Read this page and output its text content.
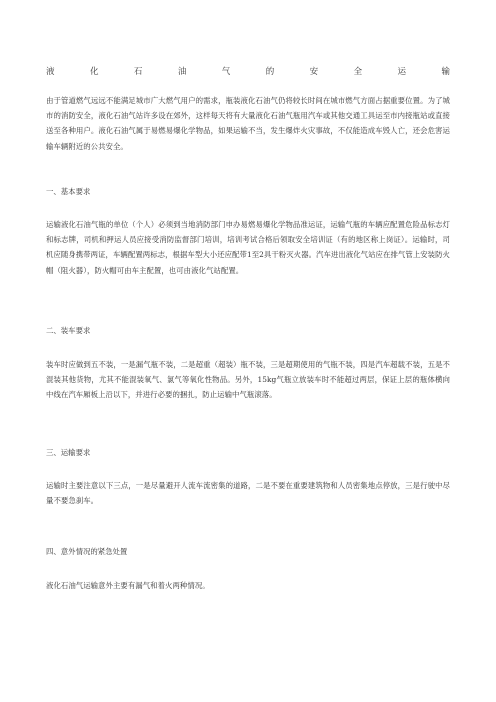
液	化	石	油	气	的	安	全	运	输

由于管道燃气远远不能满足城市广大燃气用户的需求，瓶装液化石油气仍将较长时间在城市燃气方面占据重要位置。为了城市的消防安全，液化石油气站许多设在郊外，这样每天将有大量液化石油气瓶用汽车或其他交通工具运至市内接瓶站或直接送至各种用户。液化石油气属于易燃易爆化学物品，如果运输不当，发生爆炸火灾事故，不仅能造成车毁人亡，还会危害运输车辆附近的公共安全。

一、基本要求

运输液化石油气瓶的单位（个人）必须到当地消防部门申办易燃易爆化学物品准运证，运输气瓶的车辆应配置危险品标志灯和标志牌，司机和押运人员应接受消防监督部门培训，培训考试合格后领取安全培训证（有的地区称上岗证）。运输时，司机应随身携带两证，车辆配置两标志，根据车型大小还应配带1至2具干粉灭火器。汽车进出液化气站应在排气管上安装防火帽（阻火器），防火帽可由车主配置，也可由液化气站配置。

二、装车要求

装车时应做到五不装，一是漏气瓶不装，二是超重（超装）瓶不装，三是超期使用的气瓶不装，四是汽车超载不装，五是不混装其他货物，尤其不能混装氧气、氯气等氧化性物品。另外，15kg气瓶立放装车时不能超过两层，保证上层的瓶体横向中线在汽车厢板上沿以下，并进行必要的捆扎，防止运输中气瓶滚落。

三、运输要求

运输时主要注意以下三点，一是尽量避开人流车流密集的道路，二是不要在重要建筑物和人员密集地点停放，三是行驶中尽量不要急刹车。

四、意外情况的紧急处置

液化石油气运输意外主要有漏气和着火两种情况。
